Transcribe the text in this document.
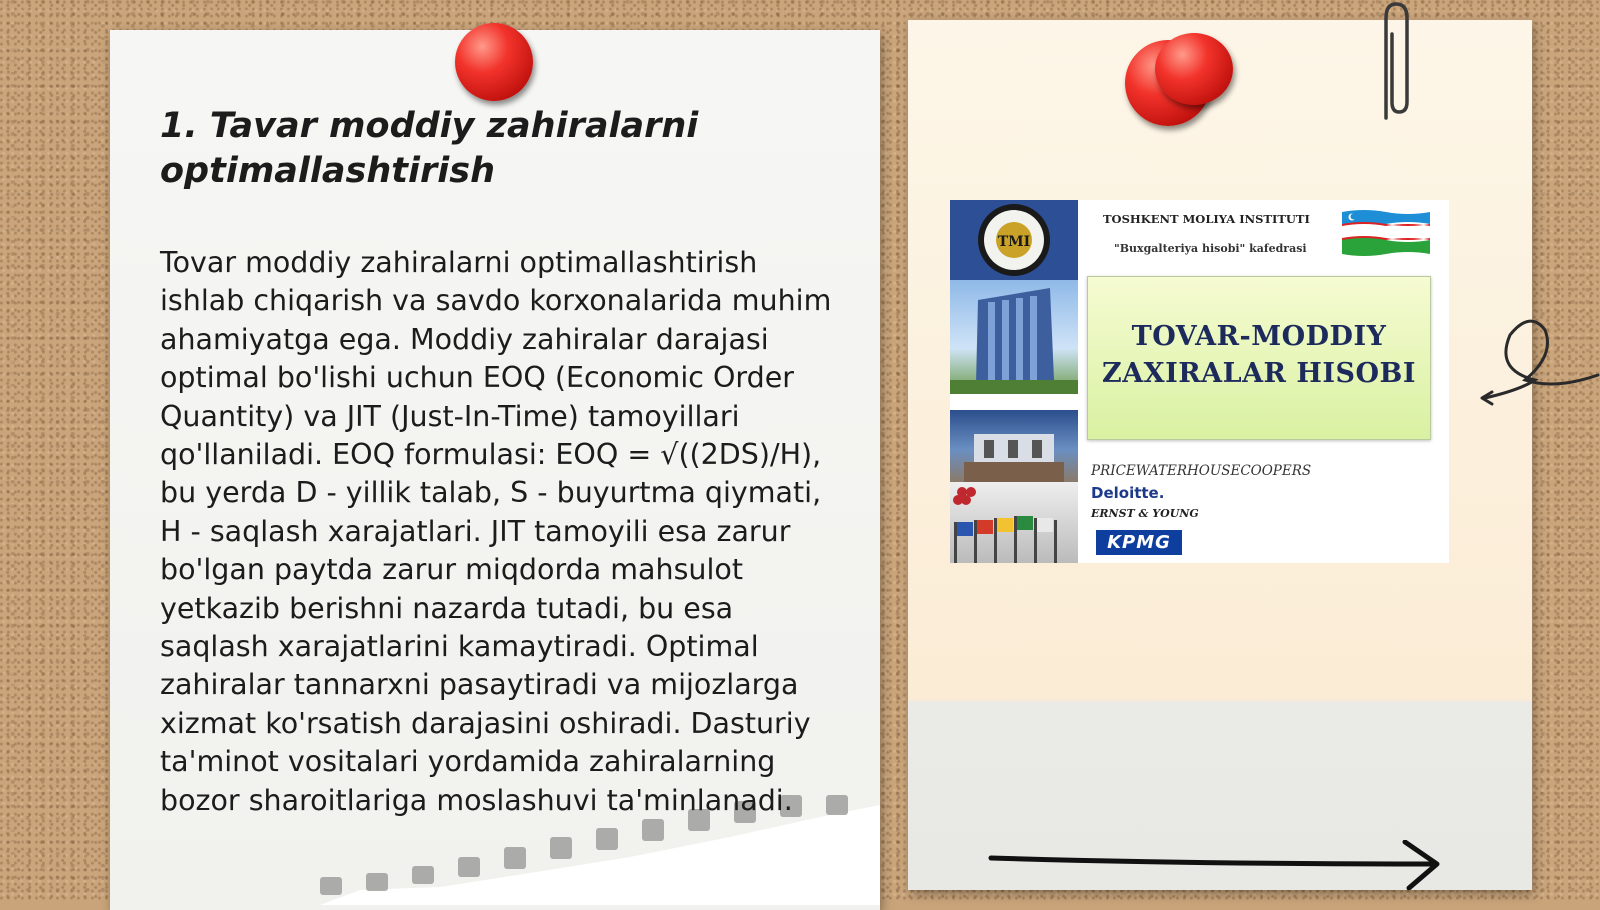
1. Tavar moddiy zahiralarni optimallashtirish

Tovar moddiy zahiralarni optimallashtirish ishlab chiqarish va savdo korxonalarida muhim ahamiyatga ega. Moddiy zahiralar darajasi optimal bo'lishi uchun EOQ (Economic Order Quantity) va JIT (Just-In-Time) tamoyillari qo'llaniladi. EOQ formulasi: EOQ = √((2DS)/H), bu yerda D - yillik talab, S - buyurtma qiymati, H - saqlash xarajatlari. JIT tamoyili esa zarur bo'lgan paytda zarur miqdorda mahsulot yetkazib berishni nazarda tutadi, bu esa saqlash xarajatlarini kamaytiradi. Optimal zahiralar tannarxni pasaytiradi va mijozlarga xizmat ko'rsatish darajasini oshiradi. Dasturiy ta'minot vositalari yordamida zahiralarning bozor sharoitlariga moslashuvi ta'minlanadi.

TMI
TOSHKENT MOLIYA INSTITUTI
"Buxgalteriya hisobi" kafedrasi
TOVAR-MODDIY
ZAXIRALAR HISOBI
PRICEWATERHOUSECOOPERS
Deloitte.
ERNST & YOUNG
KPMG
